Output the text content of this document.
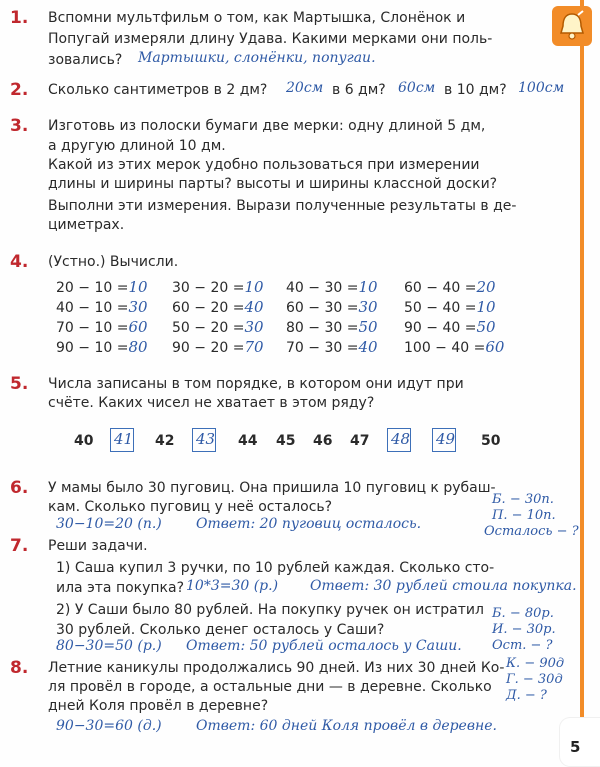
1. Вспомни мультфильм о том, как Мартышка, Слонёнок и
Попугай измеряли длину Удава. Какими мерками они поль-
зовались? Мартышки, слонёнки, попугаи.
2. Сколько сантиметров в 2 дм? 20см в 6 дм? 60см в 10 дм? 100см
3. Изготовь из полоски бумаги две мерки: одну длиной 5 дм,
а другую длиной 10 дм.
Какой из этих мерок удобно пользоваться при измерении
длины и ширины парты? высоты и ширины классной доски?
Выполни эти измерения. Вырази полученные результаты в де-
циметрах.
4. (Устно.) Вычисли.
20 − 10 =10 30 − 20 =10 40 − 30 =10 60 − 40 =20
40 − 10 =30 60 − 20 =40 60 − 30 =30 50 − 40 =10
70 − 10 =60 50 − 20 =30 80 − 30 =50 90 − 40 =50
90 − 10 =80 90 − 20 =70 70 − 30 =40 100 − 40 =60
5. Числа записаны в том порядке, в котором они идут при
счёте. Каких чисел не хватает в этом ряду?
40 41 42 43 44 45 46 47 48 49 50
6. У мамы было 30 пуговиц. Она пришила 10 пуговиц к рубаш-
кам. Сколько пуговиц у неё осталось?
30−10=20 (п.) Ответ: 20 пуговиц осталось.
Б. − 30п.
П. − 10п.
Осталось − ?
7. Реши задачи.
1) Саша купил 3 ручки, по 10 рублей каждая. Сколько сто-
ила эта покупка? 10*3=30 (р.) Ответ: 30 рублей стоила покупка.
2) У Саши было 80 рублей. На покупку ручек он истратил
30 рублей. Сколько денег осталось у Саши?
80−30=50 (р.) Ответ: 50 рублей осталось у Саши.
Б. − 80р.
И. − 30р.
Ост. − ?
8. Летние каникулы продолжались 90 дней. Из них 30 дней Ко-
ля провёл в городе, а остальные дни — в деревне. Сколько
дней Коля провёл в деревне?
90−30=60 (д.) Ответ: 60 дней Коля провёл в деревне.
К. − 90д
Г. − 30д
Д. − ?
5
